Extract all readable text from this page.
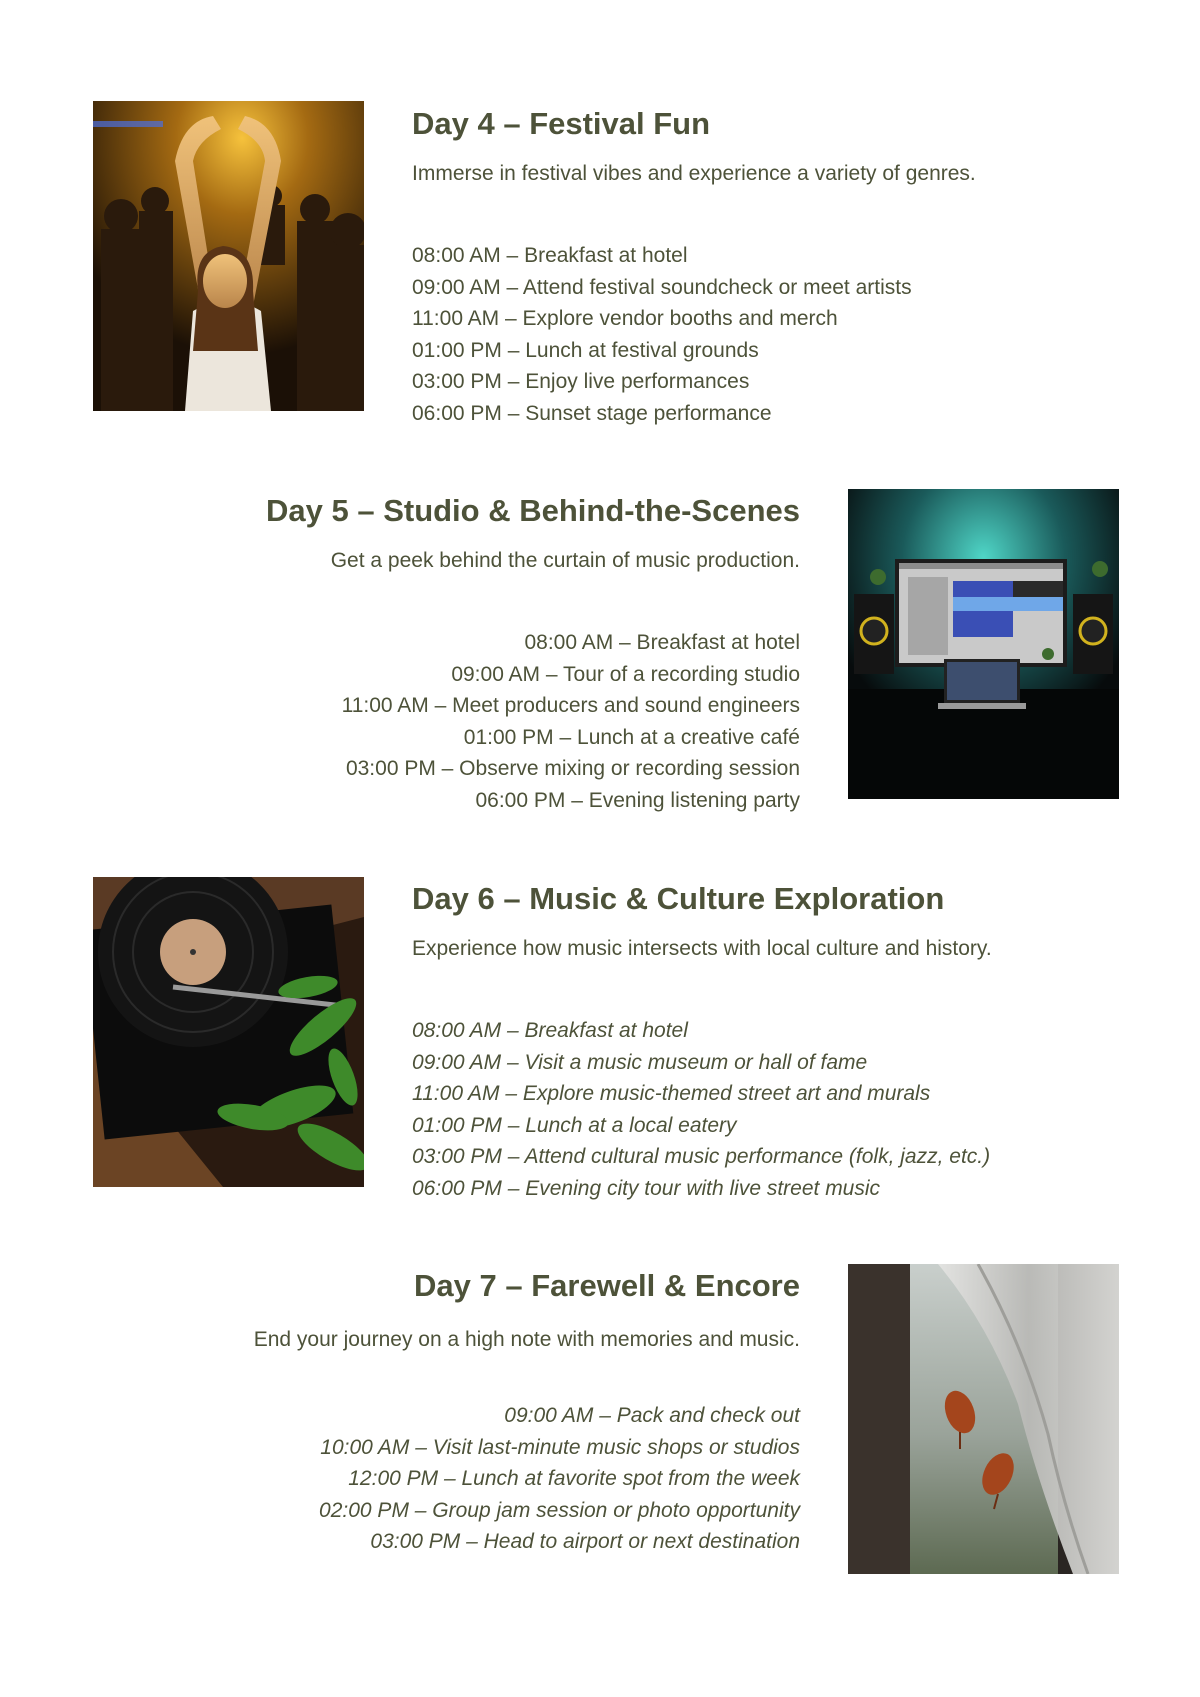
Day 4 – Festival Fun

Immerse in festival vibes and experience a variety of genres.

08:00 AM – Breakfast at hotel
09:00 AM – Attend festival soundcheck or meet artists
11:00 AM – Explore vendor booths and merch
01:00 PM – Lunch at festival grounds
03:00 PM – Enjoy live performances
06:00 PM – Sunset stage performance
Day 5 – Studio & Behind-the-Scenes

Get a peek behind the curtain of music production.

08:00 AM – Breakfast at hotel
09:00 AM – Tour of a recording studio
11:00 AM – Meet producers and sound engineers
01:00 PM – Lunch at a creative café
03:00 PM – Observe mixing or recording session
06:00 PM – Evening listening party
Day 6 – Music & Culture Exploration

Experience how music intersects with local culture and history.

08:00 AM – Breakfast at hotel
09:00 AM – Visit a music museum or hall of fame
11:00 AM – Explore music-themed street art and murals
01:00 PM – Lunch at a local eatery
03:00 PM – Attend cultural music performance (folk, jazz, etc.)
06:00 PM – Evening city tour with live street music
Day 7 – Farewell & Encore

End your journey on a high note with memories and music.

09:00 AM – Pack and check out
10:00 AM – Visit last-minute music shops or studios
12:00 PM – Lunch at favorite spot from the week
02:00 PM – Group jam session or photo opportunity
03:00 PM – Head to airport or next destination
